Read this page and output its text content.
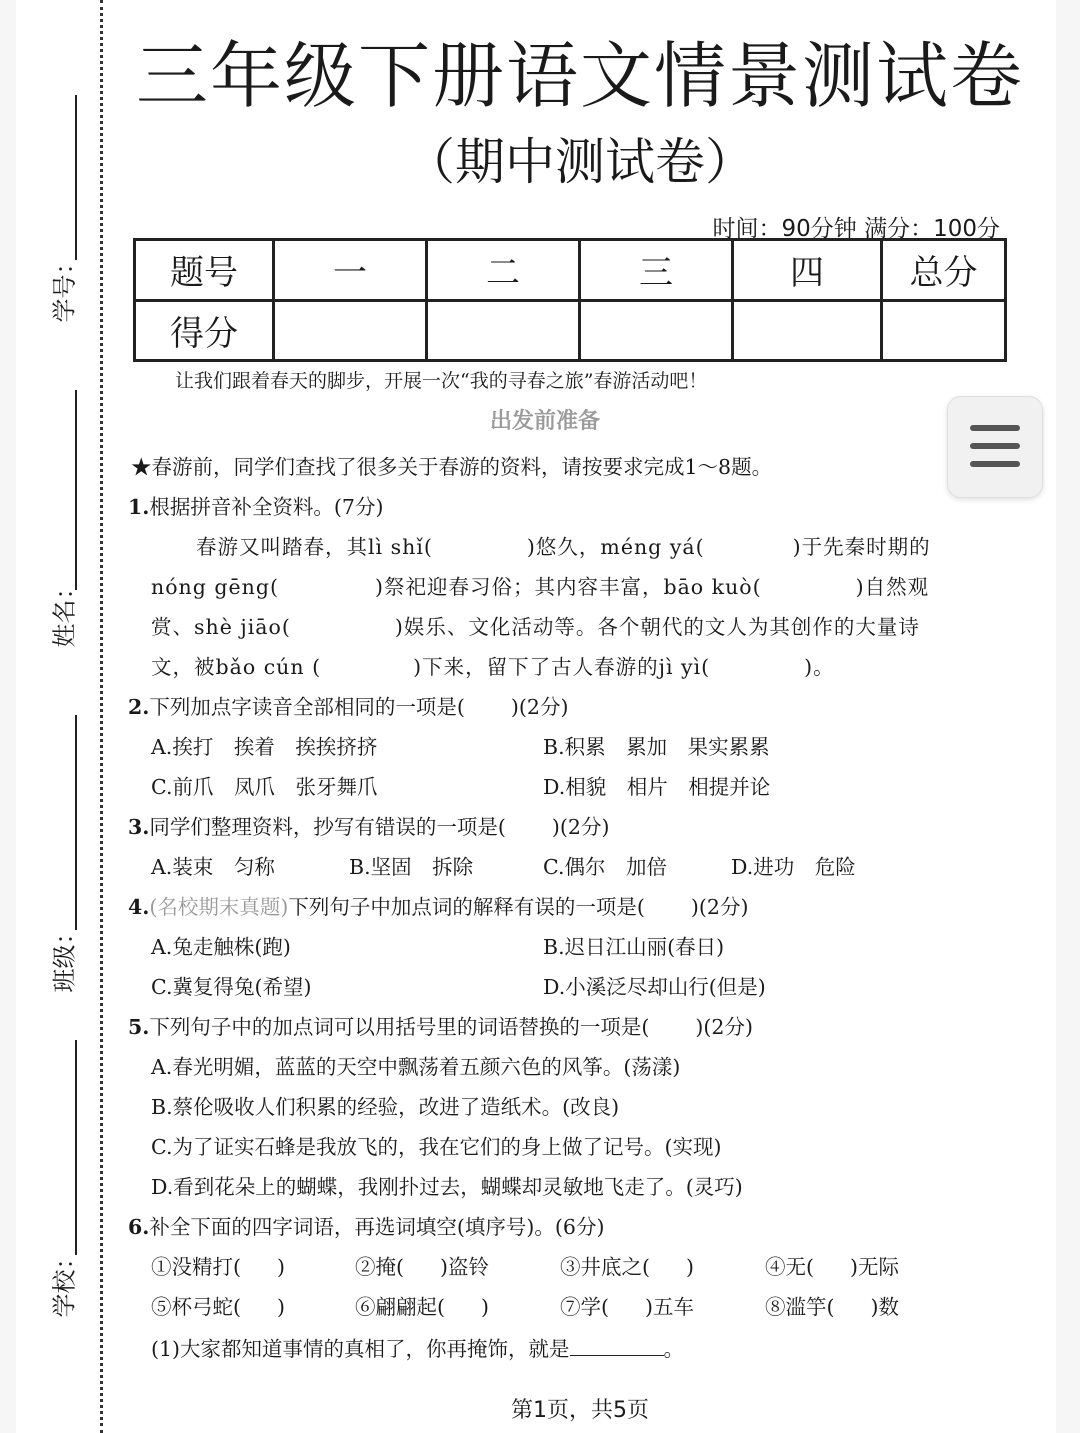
学号：
姓名：
班级：
学校：
三年级下册语文情景测试卷
（期中测试卷）
时间：90分钟 满分：100分
题号	一	二	三	四	总分
得分					
让我们跟着春天的脚步，开展一次“我的寻春之旅”春游活动吧！
出发前准备
★春游前，同学们查找了很多关于春游的资料，请按要求完成1～8题。
1.根据拼音补全资料。(7分)
春游又叫踏春，其lì shǐ(	)悠久，méng yá(	)于先秦时期的
nóng gēng(	)祭祀迎春习俗；其内容丰富，bāo kuò(	)自然观
赏、shè jiāo(	)娱乐、文化活动等。各个朝代的文人为其创作的大量诗
文，被bǎo cún (	)下来，留下了古人春游的jì yì(	)。
2.下列加点字读音全部相同的一项是( )(2分)
A.挨打　挨着　挨挨挤挤	B.积累　累加　果实累累
C.前爪　凤爪　张牙舞爪	D.相貌　相片　相提并论
3.同学们整理资料，抄写有错误的一项是( )(2分)
A.装束　匀称	B.坚固　拆除	C.偶尔　加倍	D.进功　危险
4.(名校期末真题)下列句子中加点词的解释有误的一项是( )(2分)
A.兔走触株(跑)	B.迟日江山丽(春日)
C.冀复得兔(希望)	D.小溪泛尽却山行(但是)
5.下列句子中的加点词可以用括号里的词语替换的一项是( )(2分)
A.春光明媚，蓝蓝的天空中飘荡着五颜六色的风筝。(荡漾)
B.蔡伦吸收人们积累的经验，改进了造纸术。(改良)
C.为了证实石蜂是我放飞的，我在它们的身上做了记号。(实现)
D.看到花朵上的蝴蝶，我刚扑过去，蝴蝶却灵敏地飞走了。(灵巧)
6.补全下面的四字词语，再选词填空(填序号)。(6分)
①没精打( )	②掩( )盗铃	③井底之( )	④无( )无际
⑤杯弓蛇( )	⑥翩翩起( )	⑦学( )五车	⑧滥竽( )数
(1)大家都知道事情的真相了，你再掩饰，就是	。
第1页，共5页
